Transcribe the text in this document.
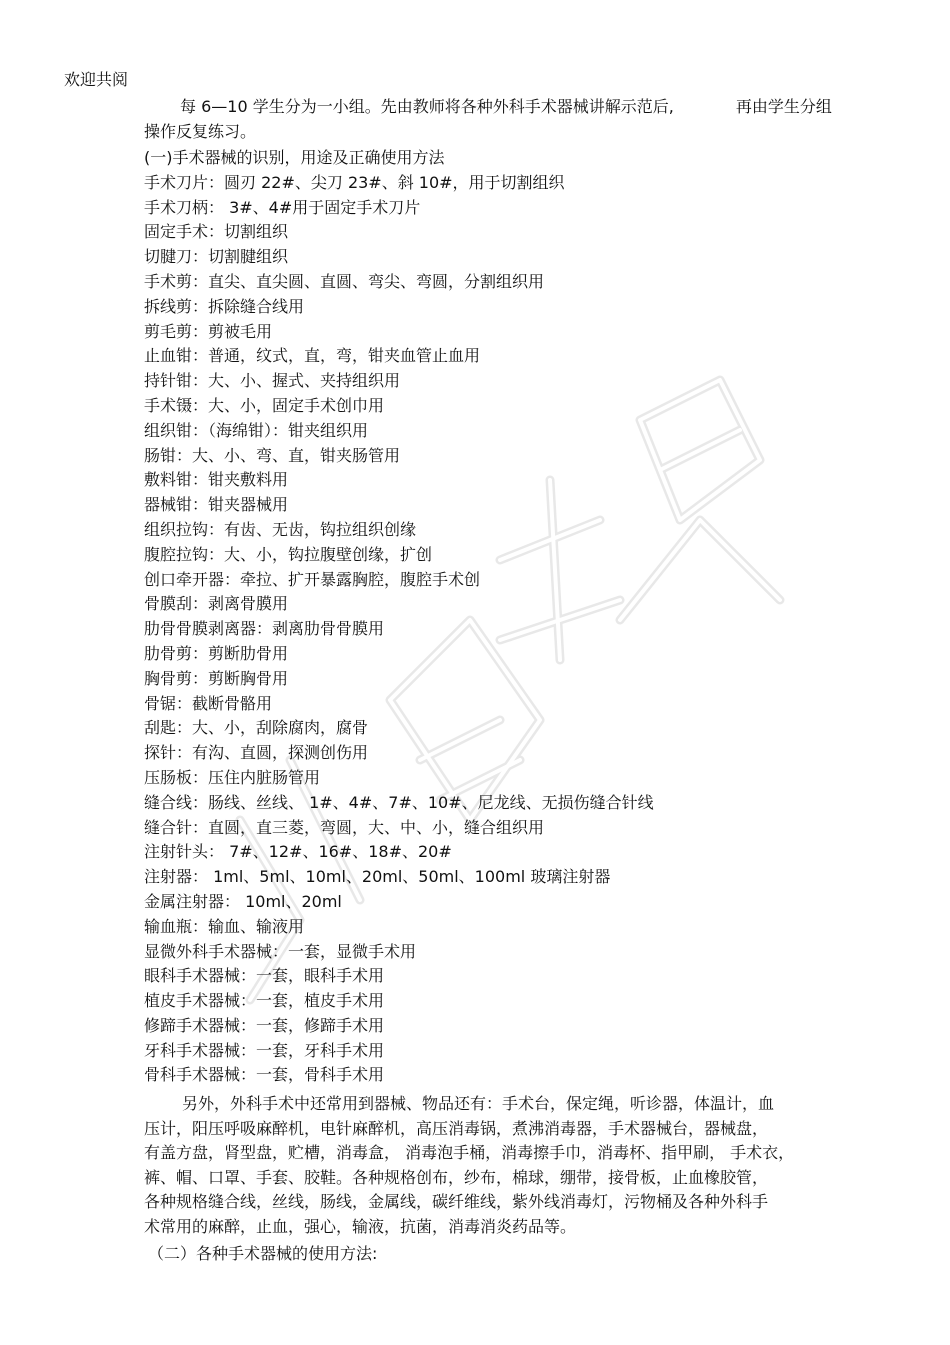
欢迎共阅
每 6—10 学生分为一小组。先由教师将各种外科手术器械讲解示范后,	再由学生分组
操作反复练习。
(一)手术器械的识别，用途及正确使用方法
手术刀片：圆刃 22#、尖刀 23#、斜 10#，用于切割组织
手术刀柄： 3#、4#用于固定手术刀片
固定手术：切割组织
切腱刀：切割腱组织
手术剪：直尖、直尖圆、直圆、弯尖、弯圆，分割组织用
拆线剪：拆除缝合线用
剪毛剪：剪被毛用
止血钳：普通，纹式，直，弯，钳夹血管止血用
持针钳：大、小、握式、夹持组织用
手术镊：大、小，固定手术创巾用
组织钳：（海绵钳）：钳夹组织用
肠钳：大、小、弯、直，钳夹肠管用
敷料钳：钳夹敷料用
器械钳：钳夹器械用
组织拉钩：有齿、无齿，钩拉组织创缘
腹腔拉钩：大、小，钩拉腹壁创缘，扩创
创口牵开器：牵拉、扩开暴露胸腔，腹腔手术创
骨膜刮：剥离骨膜用
肋骨骨膜剥离器：剥离肋骨骨膜用
肋骨剪：剪断肋骨用
胸骨剪：剪断胸骨用
骨锯：截断骨骼用
刮匙：大、小，刮除腐肉，腐骨
探针：有沟、直圆，探测创伤用
压肠板：压住内脏肠管用
缝合线：肠线、丝线、 1#、4#、7#、10#、尼龙线、无损伤缝合针线
缝合针：直圆，直三菱，弯圆，大、中、小，缝合组织用
注射针头： 7#、12#、16#、18#、20#
注射器： 1ml、5ml、10ml、20ml、50ml、100ml 玻璃注射器
金属注射器： 10ml、20ml
输血瓶：输血、输液用
显微外科手术器械：一套，显微手术用
眼科手术器械：一套，眼科手术用
植皮手术器械：一套，植皮手术用
修蹄手术器械：一套，修蹄手术用
牙科手术器械：一套，牙科手术用
骨科手术器械：一套，骨科手术用
另外，外科手术中还常用到器械、物品还有：手术台，保定绳，听诊器，体温计，血
压计，阳压呼吸麻醉机，电针麻醉机，高压消毒锅，煮沸消毒器，手术器械台，器械盘，
有盖方盘，肾型盘，贮槽，消毒盒， 消毒泡手桶，消毒擦手巾，消毒杯、指甲刷， 手术衣，
裤、帽、口罩、手套、胶鞋。各种规格创布，纱布，棉球，绷带，接骨板，止血橡胶管，
各种规格缝合线，丝线，肠线，金属线，碳纤维线，紫外线消毒灯，污物桶及各种外科手
术常用的麻醉，止血，强心，输液，抗菌，消毒消炎药品等。
（二）各种手术器械的使用方法:
